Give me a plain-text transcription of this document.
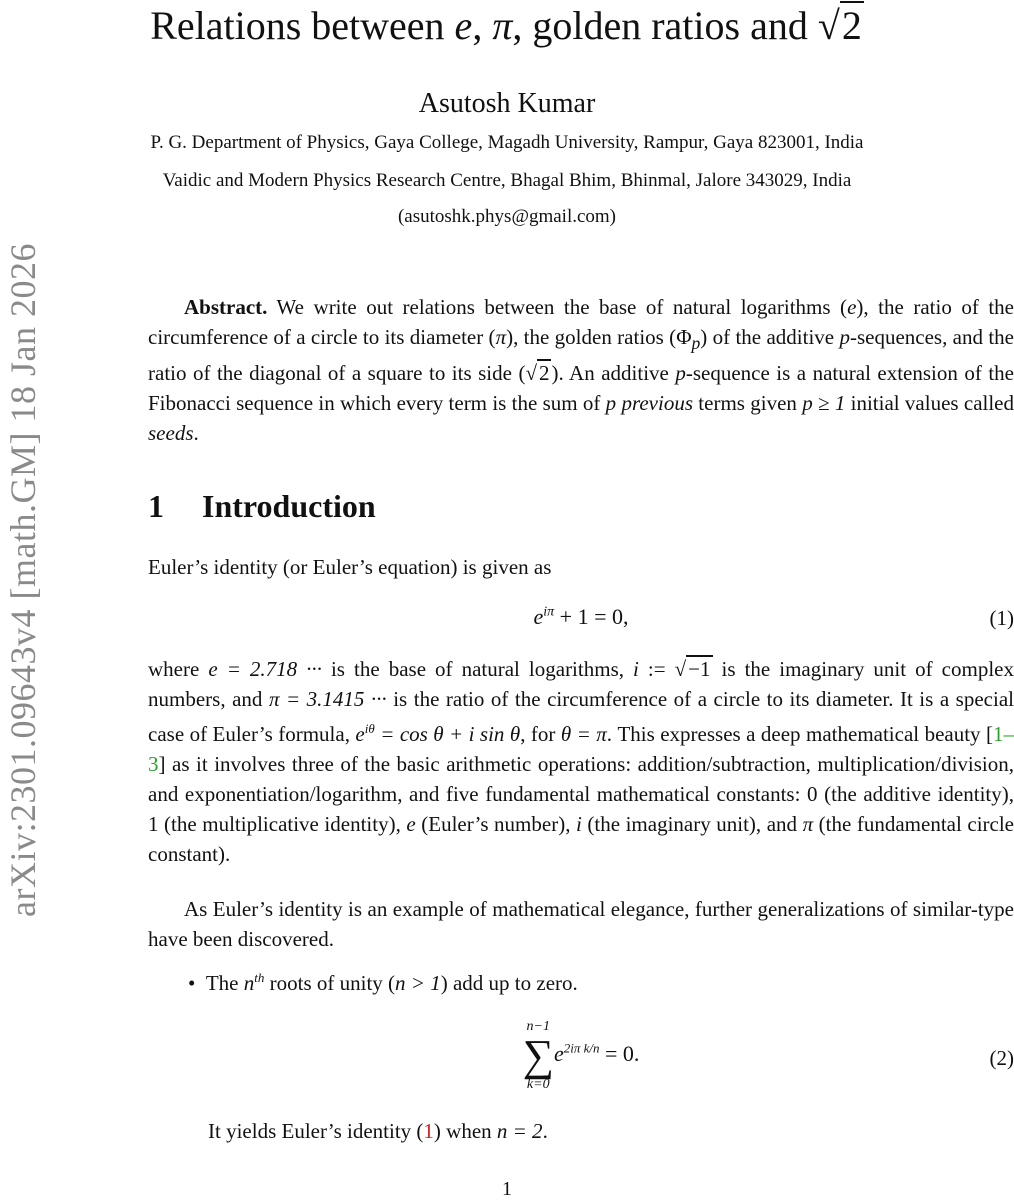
arXiv:2301.09643v4 [math.GM] 18 Jan 2026
Relations between e, π, golden ratios and √2
Asutosh Kumar
P. G. Department of Physics, Gaya College, Magadh University, Rampur, Gaya 823001, India
Vaidic and Modern Physics Research Centre, Bhagal Bhim, Bhinmal, Jalore 343029, India
(asutoshk.phys@gmail.com)
Abstract. We write out relations between the base of natural logarithms (e), the ratio of the circumference of a circle to its diameter (π), the golden ratios $(\Phi_p)$ of the additive p-sequences, and the ratio of the diagonal of a square to its side (√2). An additive p-sequence is a natural extension of the Fibonacci sequence in which every term is the sum of p previous terms given p ≥ 1 initial values called seeds.
1 Introduction

Euler’s identity (or Euler’s equation) is given as

$e^{i\pi} + 1 = 0$,	(1)

where e = 2.718 ··· is the base of natural logarithms, i := √−1 is the imaginary unit of complex numbers, and π = 3.1415 ··· is the ratio of the circumference of a circle to its diameter. It is a special case of Euler’s formula, $e^{i\theta} = \cos \theta + i$ sin θ, for θ = π. This expresses a deep mathematical beauty [1–3] as it involves three of the basic arithmetic operations: addition/subtraction, multiplication/division, and exponentiation/logarithm, and five fundamental mathematical constants: 0 (the additive identity), 1 (the multiplicative identity), e (Euler’s number), i (the imaginary unit), and π (the fundamental circle constant).

As Euler’s identity is an example of mathematical elegance, further generalizations of similar-type have been discovered.

•  The $n^{th}$ roots of unity (n > 1) add up to zero.
n−1
∑
k=0
$e^{2i\pi k/n} = 0$.	(2)

It yields Euler’s identity (1) when n = 2.

1
